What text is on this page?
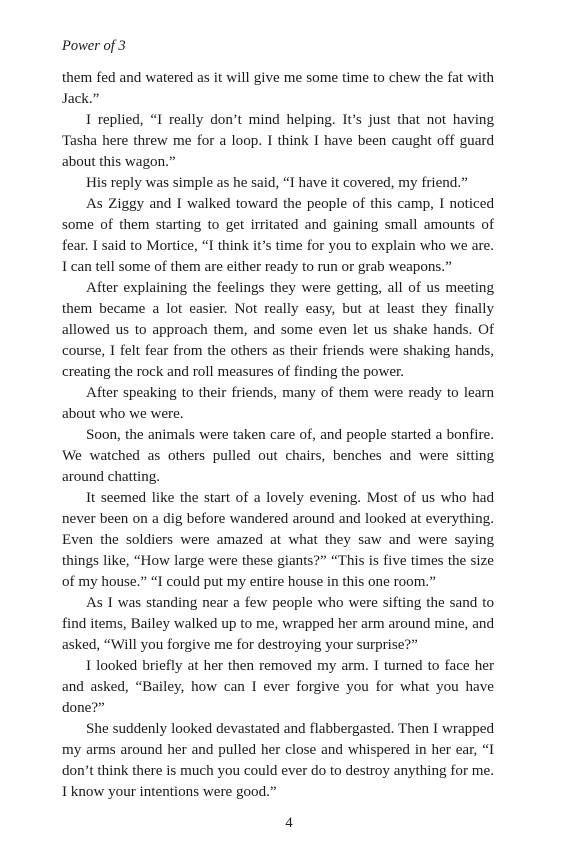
Power of 3

them fed and watered as it will give me some time to chew the fat with Jack.”

I replied, “I really don’t mind helping. It’s just that not having Tasha here threw me for a loop. I think I have been caught off guard about this wagon.”

His reply was simple as he said, “I have it covered, my friend.”

As Ziggy and I walked toward the people of this camp, I noticed some of them starting to get irritated and gaining small amounts of fear. I said to Mortice, “I think it’s time for you to explain who we are. I can tell some of them are either ready to run or grab weapons.”

After explaining the feelings they were getting, all of us meeting them became a lot easier. Not really easy, but at least they finally allowed us to approach them, and some even let us shake hands. Of course, I felt fear from the others as their friends were shaking hands, creating the rock and roll measures of finding the power.

After speaking to their friends, many of them were ready to learn about who we were.

Soon, the animals were taken care of, and people started a bonfire. We watched as others pulled out chairs, benches and were sitting around chatting.

It seemed like the start of a lovely evening. Most of us who had never been on a dig before wandered around and looked at everything. Even the soldiers were amazed at what they saw and were saying things like, “How large were these giants?” “This is five times the size of my house.” “I could put my entire house in this one room.”

As I was standing near a few people who were sifting the sand to find items, Bailey walked up to me, wrapped her arm around mine, and asked, “Will you forgive me for destroying your surprise?”

I looked briefly at her then removed my arm. I turned to face her and asked, “Bailey, how can I ever forgive you for what you have done?”

She suddenly looked devastated and flabbergasted. Then I wrapped my arms around her and pulled her close and whispered in her ear, “I don’t think there is much you could ever do to destroy anything for me. I know your intentions were good.”

4
